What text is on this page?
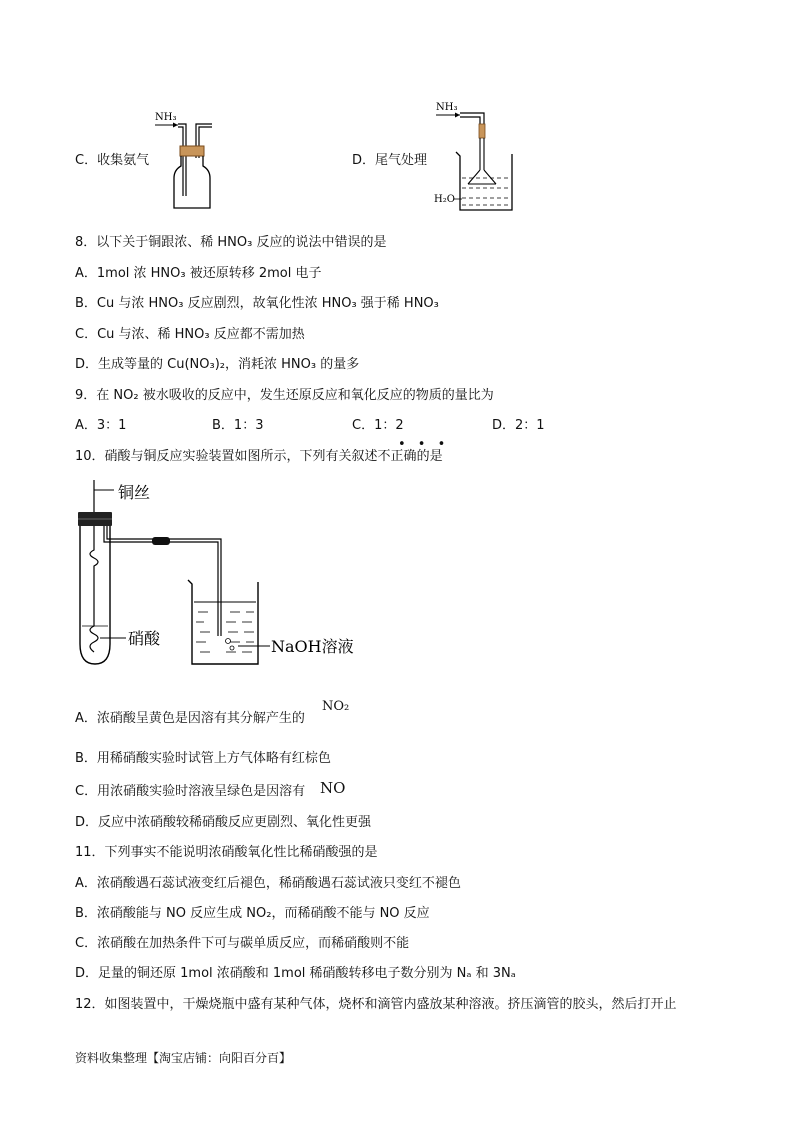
C．收集氨气
NH₃
D．尾气处理
NH₃
H₂O
8．以下关于铜跟浓、稀 HNO₃ 反应的说法中错误的是
A．1mol 浓 HNO₃ 被还原转移 2mol 电子
B．Cu 与浓 HNO₃ 反应剧烈，故氧化性浓 HNO₃ 强于稀 HNO₃
C．Cu 与浓、稀 HNO₃ 反应都不需加热
D．生成等量的 Cu(NO₃)₂，消耗浓 HNO₃ 的量多
9．在 NO₂ 被水吸收的反应中，发生还原反应和氧化反应的物质的量比为
A．3：1	B．1：3	C．1：2	D．2：1
10．硝酸与铜反应实验装置如图所示，下列有关叙述不正确的是
• • •
铜丝
硝酸	NaOH溶液
A．浓硝酸呈黄色是因溶有其分解产生的
NO₂
B．用稀硝酸实验时试管上方气体略有红棕色
C．用浓硝酸实验时溶液呈绿色是因溶有 NO
D．反应中浓硝酸较稀硝酸反应更剧烈、氧化性更强
11．下列事实不能说明浓硝酸氧化性比稀硝酸强的是
A．浓硝酸遇石蕊试液变红后褪色，稀硝酸遇石蕊试液只变红不褪色
B．浓硝酸能与 NO 反应生成 NO₂，而稀硝酸不能与 NO 反应
C．浓硝酸在加热条件下可与碳单质反应，而稀硝酸则不能
D．足量的铜还原 1mol 浓硝酸和 1mol 稀硝酸转移电子数分别为 Nₐ 和 3Nₐ
12．如图装置中，干燥烧瓶中盛有某种气体，烧杯和滴管内盛放某种溶液。挤压滴管的胶头，然后打开止
资料收集整理【淘宝店铺：向阳百分百】
